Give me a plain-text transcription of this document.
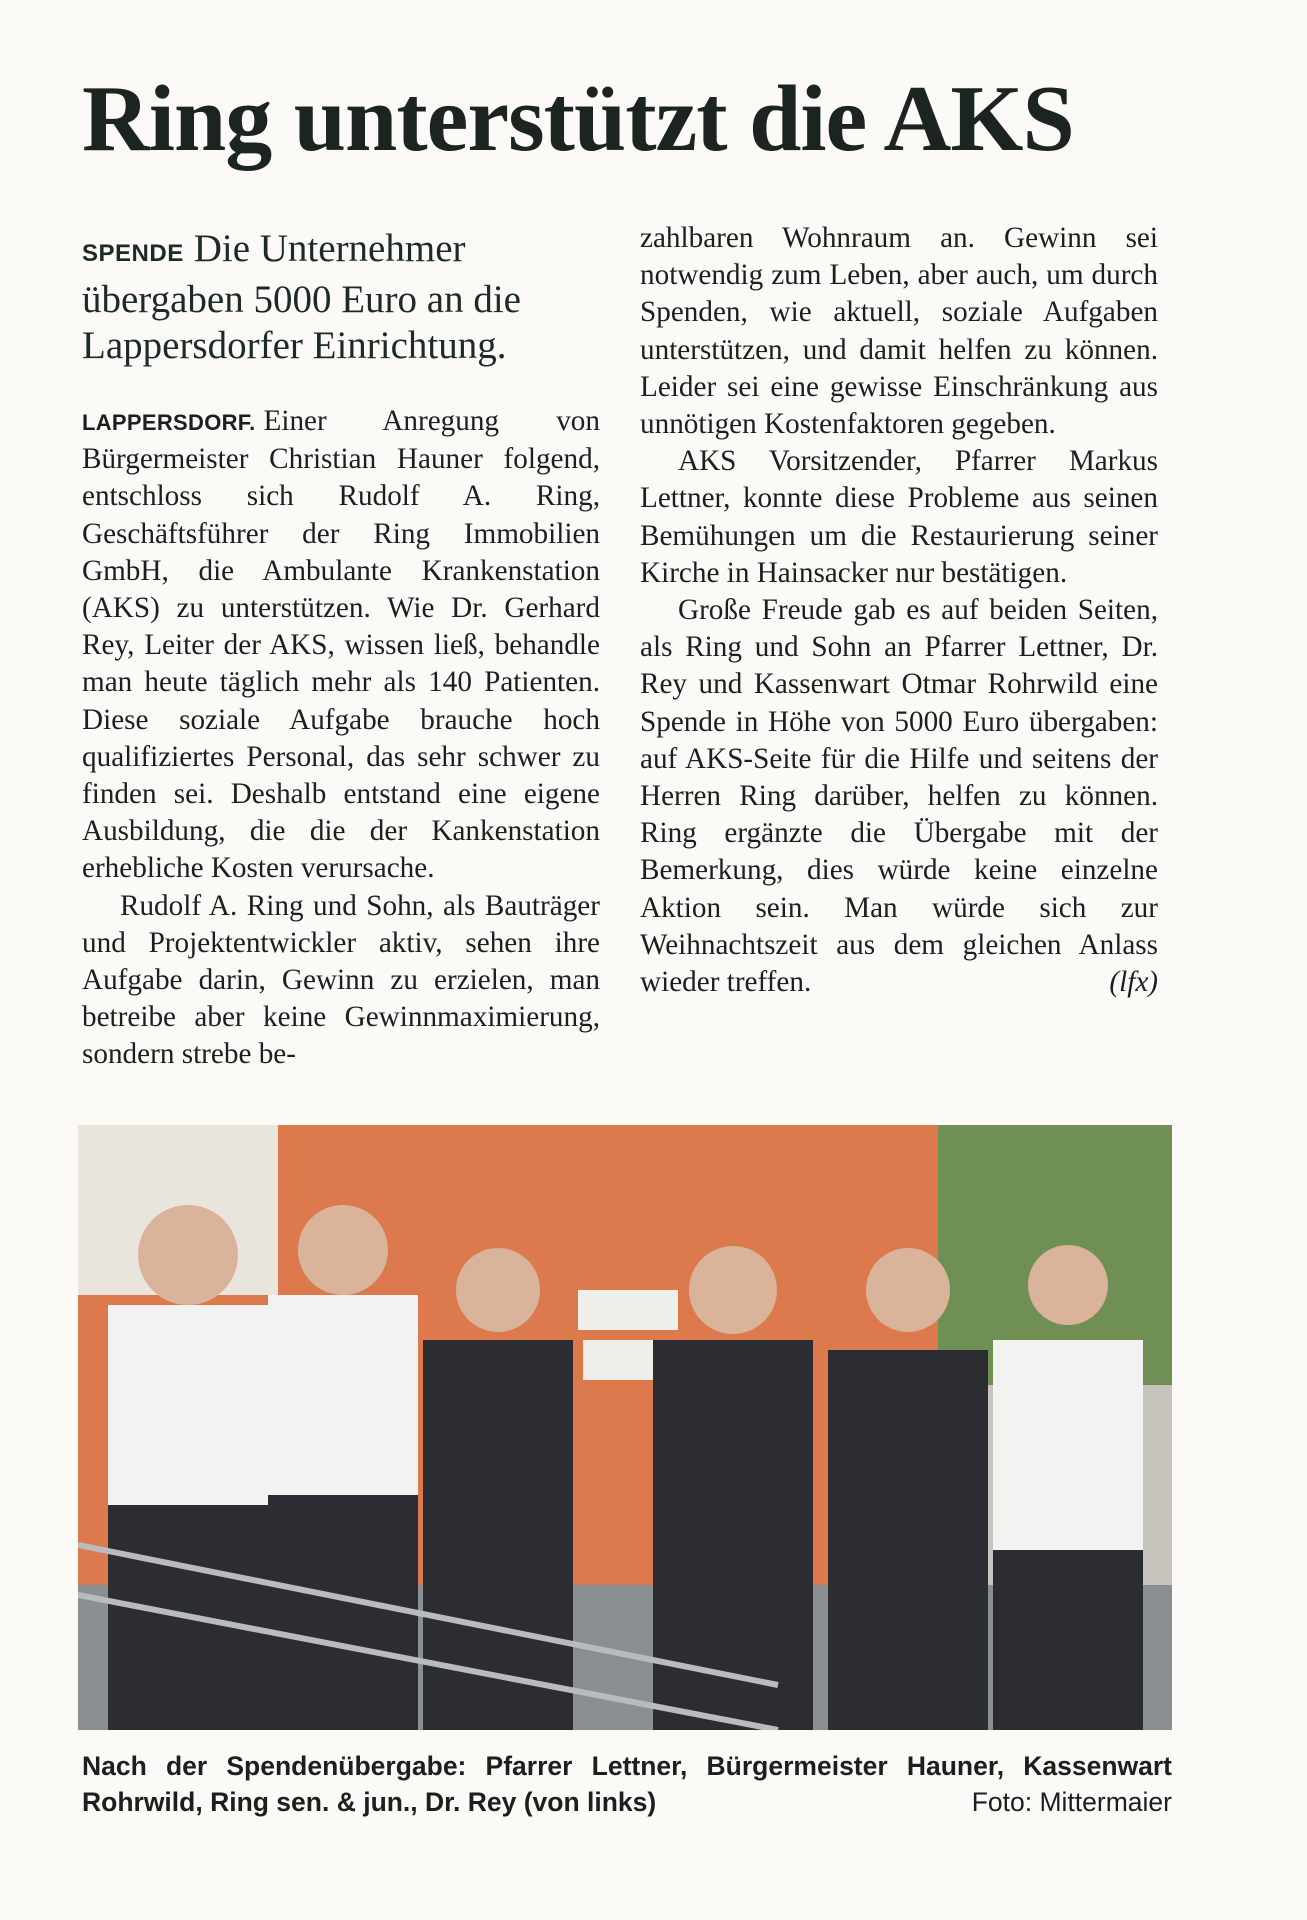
Ring unterstützt die AKS

SPENDE Die Unternehmer übergaben 5000 Euro an die Lappersdorfer Einrichtung.

LAPPERSDORF. Einer Anregung von Bürgermeister Christian Hauner folgend, entschloss sich Rudolf A. Ring, Geschäftsführer der Ring Immobilien GmbH, die Ambulante Krankenstation (AKS) zu unterstützen. Wie Dr. Gerhard Rey, Leiter der AKS, wissen ließ, behandle man heute täglich mehr als 140 Patienten. Diese soziale Aufgabe brauche hoch qualifiziertes Personal, das sehr schwer zu finden sei. Deshalb entstand eine eigene Ausbildung, die die der Kankenstation erhebliche Kosten verursache.

Rudolf A. Ring und Sohn, als Bauträger und Projektentwickler aktiv, sehen ihre Aufgabe darin, Gewinn zu erzielen, man betreibe aber keine Gewinnmaximierung, sondern strebe be-

zahlbaren Wohnraum an. Gewinn sei notwendig zum Leben, aber auch, um durch Spenden, wie aktuell, soziale Aufgaben unterstützen, und damit helfen zu können. Leider sei eine gewisse Einschränkung aus unnötigen Kostenfaktoren gegeben.

AKS Vorsitzender, Pfarrer Markus Lettner, konnte diese Probleme aus seinen Bemühungen um die Restaurierung seiner Kirche in Hainsacker nur bestätigen.

Große Freude gab es auf beiden Seiten, als Ring und Sohn an Pfarrer Lettner, Dr. Rey und Kassenwart Otmar Rohrwild eine Spende in Höhe von 5000 Euro übergaben: auf AKS-Seite für die Hilfe und seitens der Herren Ring darüber, helfen zu können. Ring ergänzte die Übergabe mit der Bemerkung, dies würde keine einzelne Aktion sein. Man würde sich zur Weihnachtszeit aus dem gleichen Anlass wieder treffen.	(lfx)

Nach der Spendenübergabe: Pfarrer Lettner, Bürgermeister Hauner, Kassenwart Rohrwild, Ring sen. & jun., Dr. Rey (von links)	Foto: Mittermaier
